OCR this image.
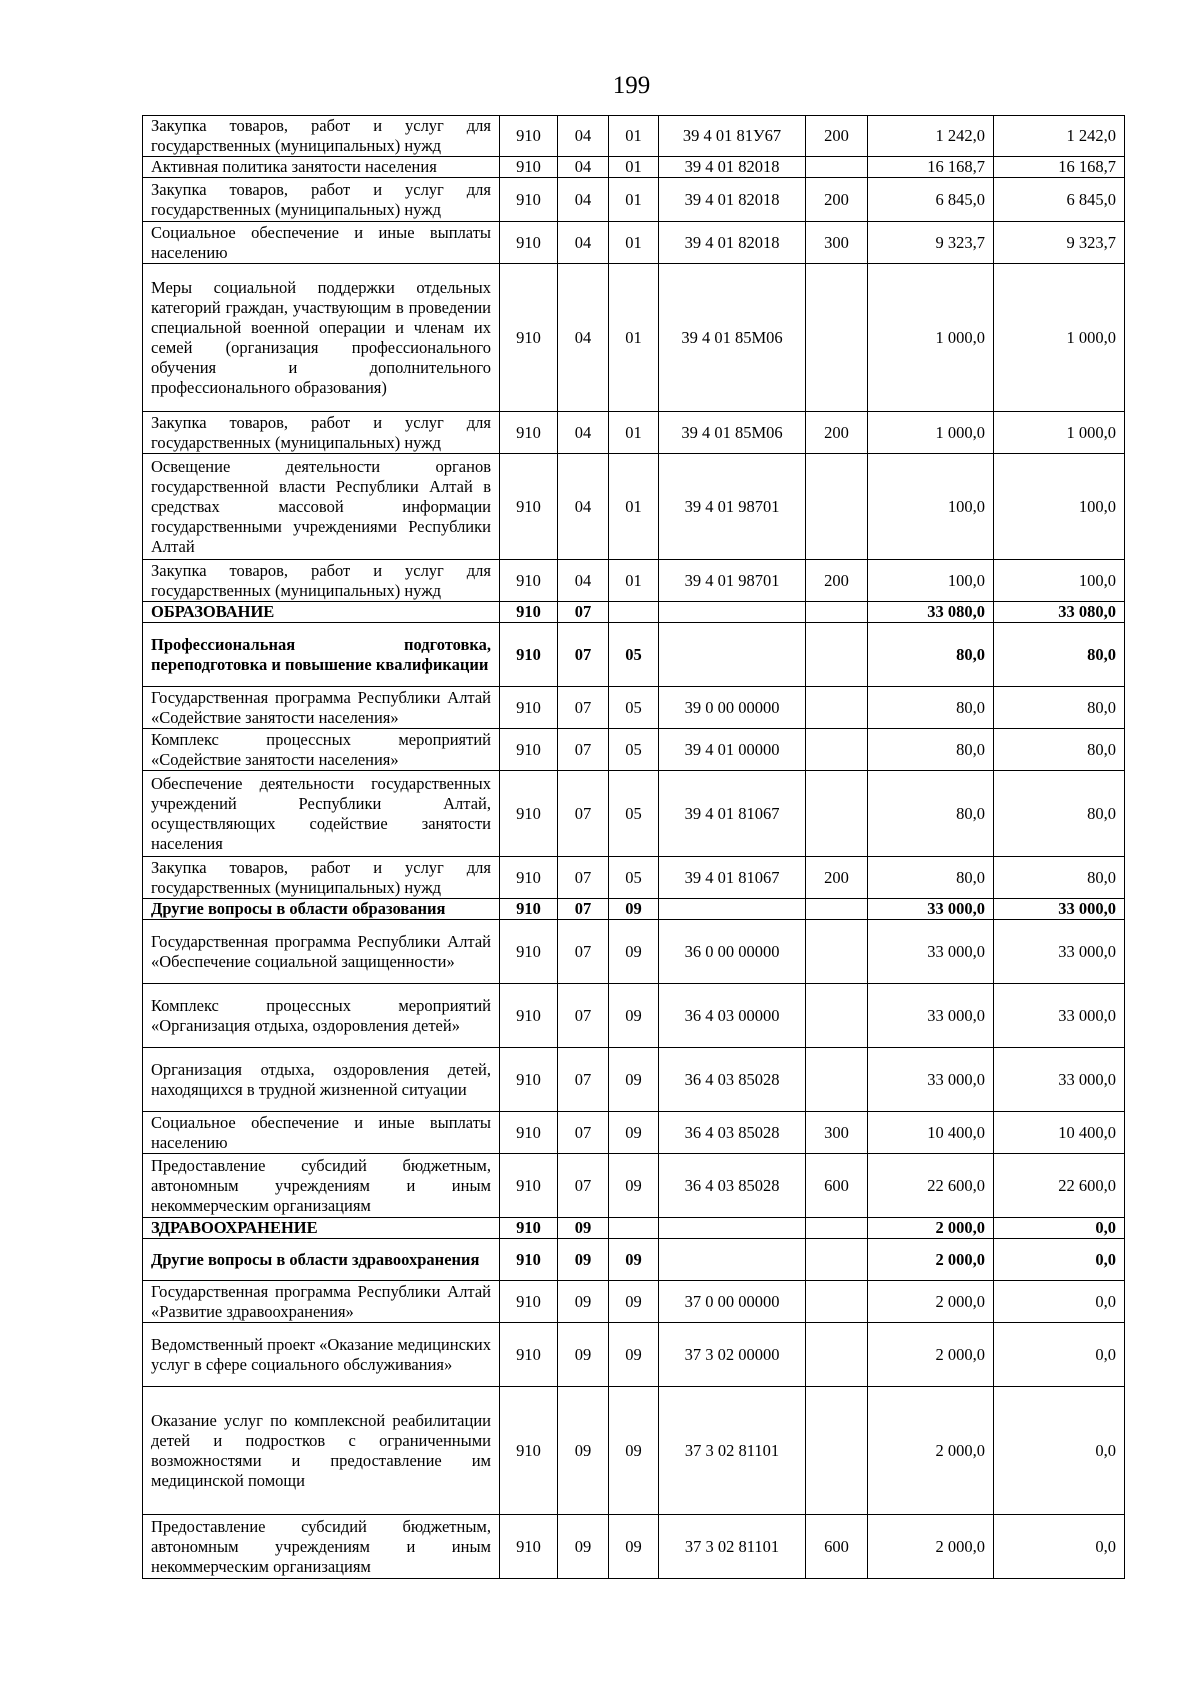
199
Закупка товаров, работ и услуг для государственных (муниципальных) нужд	910	04	01	39 4 01 81У67	200	1 242,0	1 242,0
Активная политика занятости населения	910	04	01	39 4 01 82018		16 168,7	16 168,7
Закупка товаров, работ и услуг для государственных (муниципальных) нужд	910	04	01	39 4 01 82018	200	6 845,0	6 845,0
Социальное обеспечение и иные выплаты населению	910	04	01	39 4 01 82018	300	9 323,7	9 323,7
Меры социальной поддержки отдельных категорий граждан, участвующим в проведении специальной военной операции и членам их семей (организация профессионального обучения и дополнительного профессионального образования)	910	04	01	39 4 01 85М06		1 000,0	1 000,0
Закупка товаров, работ и услуг для государственных (муниципальных) нужд	910	04	01	39 4 01 85М06	200	1 000,0	1 000,0
Освещение деятельности органов государственной власти Республики Алтай в средствах массовой информации государственными учреждениями Республики Алтай	910	04	01	39 4 01 98701		100,0	100,0
Закупка товаров, работ и услуг для государственных (муниципальных) нужд	910	04	01	39 4 01 98701	200	100,0	100,0
ОБРАЗОВАНИЕ	910	07				33 080,0	33 080,0
Профессиональная подготовка, переподготовка и повышение квалификации	910	07	05			80,0	80,0
Государственная программа Республики Алтай «Содействие занятости населения»	910	07	05	39 0 00 00000		80,0	80,0
Комплекс процессных мероприятий «Содействие занятости населения»	910	07	05	39 4 01 00000		80,0	80,0
Обеспечение деятельности государственных учреждений Республики Алтай, осуществляющих содействие занятости населения	910	07	05	39 4 01 81067		80,0	80,0
Закупка товаров, работ и услуг для государственных (муниципальных) нужд	910	07	05	39 4 01 81067	200	80,0	80,0
Другие вопросы в области образования	910	07	09			33 000,0	33 000,0
Государственная программа Республики Алтай «Обеспечение социальной защищенности»	910	07	09	36 0 00 00000		33 000,0	33 000,0
Комплекс процессных мероприятий «Организация отдыха, оздоровления детей»	910	07	09	36 4 03 00000		33 000,0	33 000,0
Организация отдыха, оздоровления детей, находящихся в трудной жизненной ситуации	910	07	09	36 4 03 85028		33 000,0	33 000,0
Социальное обеспечение и иные выплаты населению	910	07	09	36 4 03 85028	300	10 400,0	10 400,0
Предоставление субсидий бюджетным, автономным учреждениям и иным некоммерческим организациям	910	07	09	36 4 03 85028	600	22 600,0	22 600,0
ЗДРАВООХРАНЕНИЕ	910	09				2 000,0	0,0
Другие вопросы в области здравоохранения	910	09	09			2 000,0	0,0
Государственная программа Республики Алтай «Развитие здравоохранения»	910	09	09	37 0 00 00000		2 000,0	0,0
Ведомственный проект «Оказание медицинских услуг в сфере социального обслуживания»	910	09	09	37 3 02 00000		2 000,0	0,0
Оказание услуг по комплексной реабилитации детей и подростков с ограниченными возможностями и предоставление им медицинской помощи	910	09	09	37 3 02 81101		2 000,0	0,0
Предоставление субсидий бюджетным, автономным учреждениям и иным некоммерческим организациям	910	09	09	37 3 02 81101	600	2 000,0	0,0
